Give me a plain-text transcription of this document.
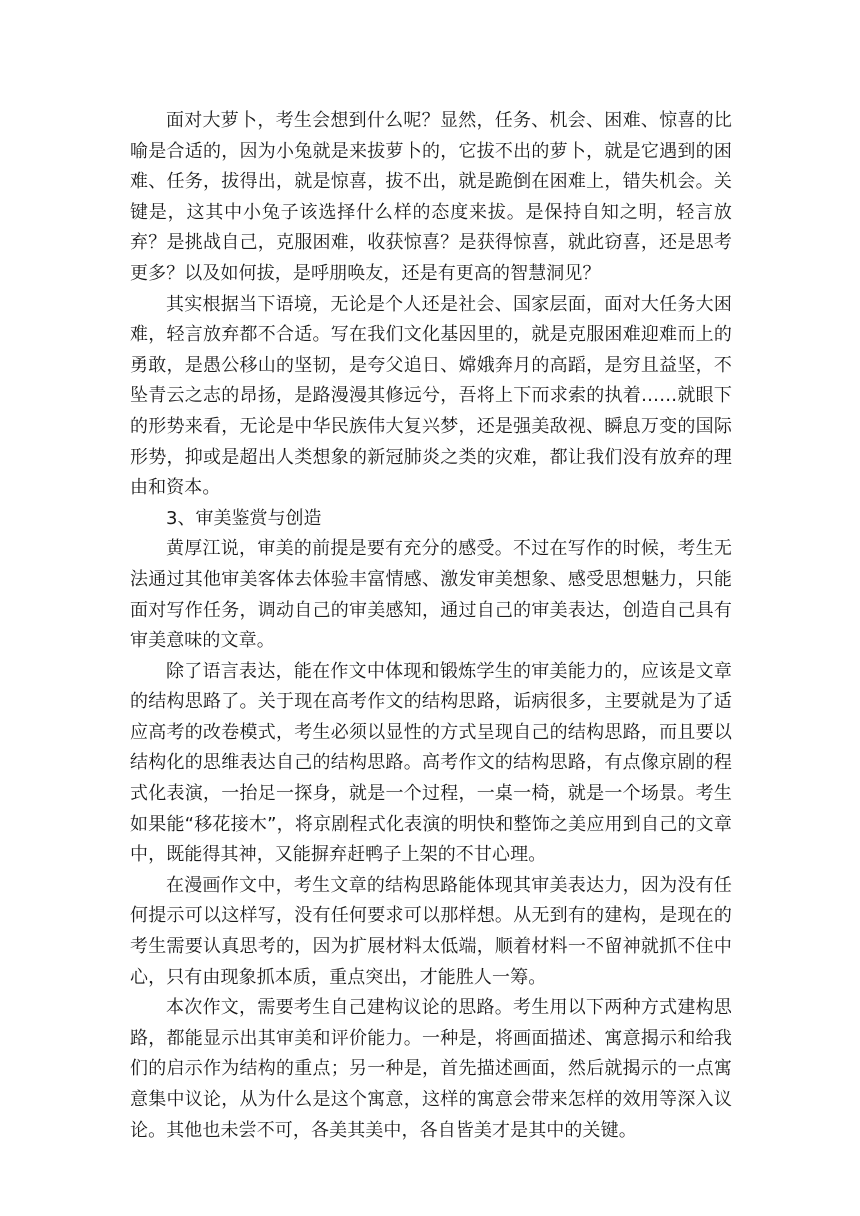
面对大萝卜，考生会想到什么呢？显然，任务、机会、困难、惊喜的比喻是合适的，因为小兔就是来拔萝卜的，它拔不出的萝卜，就是它遇到的困难、任务，拔得出，就是惊喜，拔不出，就是跪倒在困难上，错失机会。关键是，这其中小兔子该选择什么样的态度来拔。是保持自知之明，轻言放弃？是挑战自己，克服困难，收获惊喜？是获得惊喜，就此窃喜，还是思考更多？以及如何拔，是呼朋唤友，还是有更高的智慧洞见？

其实根据当下语境，无论是个人还是社会、国家层面，面对大任务大困难，轻言放弃都不合适。写在我们文化基因里的，就是克服困难迎难而上的勇敢，是愚公移山的坚韧，是夸父追日、嫦娥奔月的高蹈，是穷且益坚，不坠青云之志的昂扬，是路漫漫其修远兮，吾将上下而求索的执着……就眼下的形势来看，无论是中华民族伟大复兴梦，还是强美敌视、瞬息万变的国际形势，抑或是超出人类想象的新冠肺炎之类的灾难，都让我们没有放弃的理由和资本。

3、审美鉴赏与创造

黄厚江说，审美的前提是要有充分的感受。不过在写作的时候，考生无法通过其他审美客体去体验丰富情感、激发审美想象、感受思想魅力，只能面对写作任务，调动自己的审美感知，通过自己的审美表达，创造自己具有审美意味的文章。

除了语言表达，能在作文中体现和锻炼学生的审美能力的，应该是文章的结构思路了。关于现在高考作文的结构思路，诟病很多，主要就是为了适应高考的改卷模式，考生必须以显性的方式呈现自己的结构思路，而且要以结构化的思维表达自己的结构思路。高考作文的结构思路，有点像京剧的程式化表演，一抬足一探身，就是一个过程，一桌一椅，就是一个场景。考生如果能“移花接木”，将京剧程式化表演的明快和整饰之美应用到自己的文章中，既能得其神，又能摒弃赶鸭子上架的不甘心理。

在漫画作文中，考生文章的结构思路能体现其审美表达力，因为没有任何提示可以这样写，没有任何要求可以那样想。从无到有的建构，是现在的考生需要认真思考的，因为扩展材料太低端，顺着材料一不留神就抓不住中心，只有由现象抓本质，重点突出，才能胜人一筹。

本次作文，需要考生自己建构议论的思路。考生用以下两种方式建构思路，都能显示出其审美和评价能力。一种是，将画面描述、寓意揭示和给我们的启示作为结构的重点；另一种是，首先描述画面，然后就揭示的一点寓意集中议论，从为什么是这个寓意，这样的寓意会带来怎样的效用等深入议论。其他也未尝不可，各美其美中，各自皆美才是其中的关键。
